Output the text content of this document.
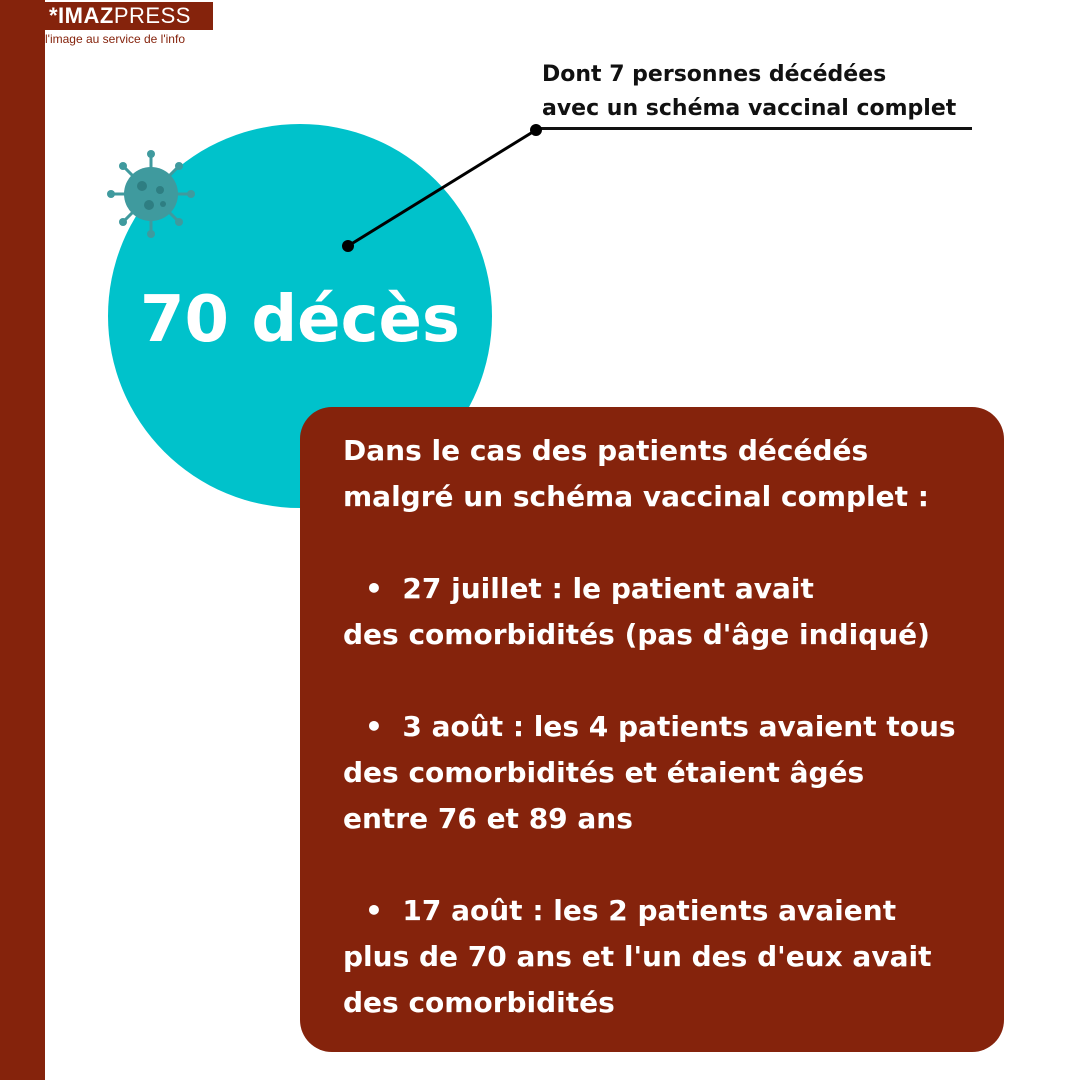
*IMAZPRESS
l'image au service de l'info
Dont 7 personnes décédées
avec un schéma vaccinal complet
70 décès

Dans le cas des patients décédés

malgré un schéma vaccinal complet :

• 27 juillet : le patient avait

des comorbidités (pas d'âge indiqué)

• 3 août : les 4 patients avaient tous

des comorbidités et étaient âgés

entre 76 et 89 ans

• 17 août : les 2 patients avaient

plus de 70 ans et l'un des d'eux avait

des comorbidités
